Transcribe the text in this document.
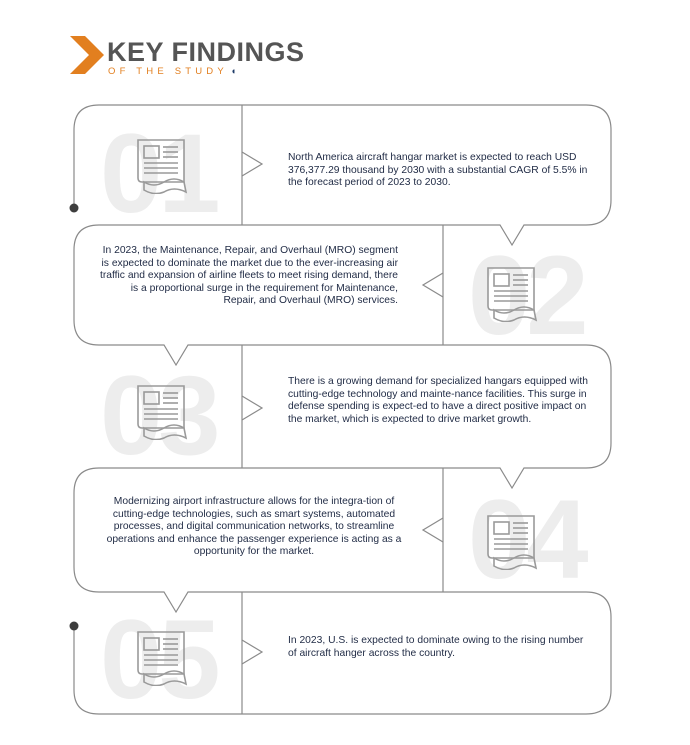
KEY FINDINGS
OF THE STUDY ◖
01	North America aircraft hangar market is expected to reach USD 376,377.29 thousand by 2030 with a substantial CAGR of 5.5% in the forecast period of 2023 to 2030.
In 2023, the Maintenance, Repair, and Overhaul (MRO) segment is expected to dominate the market due to the ever-increasing air traffic and expansion of airline fleets to meet rising demand, there is a proportional surge in the requirement for Maintenance, Repair, and Overhaul (MRO) services. 02
03	There is a growing demand for specialized hangars equipped with cutting-edge technology and mainte-nance facilities. This surge in defense spending is expect-ed to have a direct positive impact on the market, which is expected to drive market growth.
Modernizing airport infrastructure allows for the integra-tion of cutting-edge technologies, such as smart systems, automated processes, and digital communication networks, to streamline operations and enhance the passenger experience is acting as a opportunity for the market.	04
05	In 2023, U.S. is expected to dominate owing to the rising number of aircraft hanger across the country.
